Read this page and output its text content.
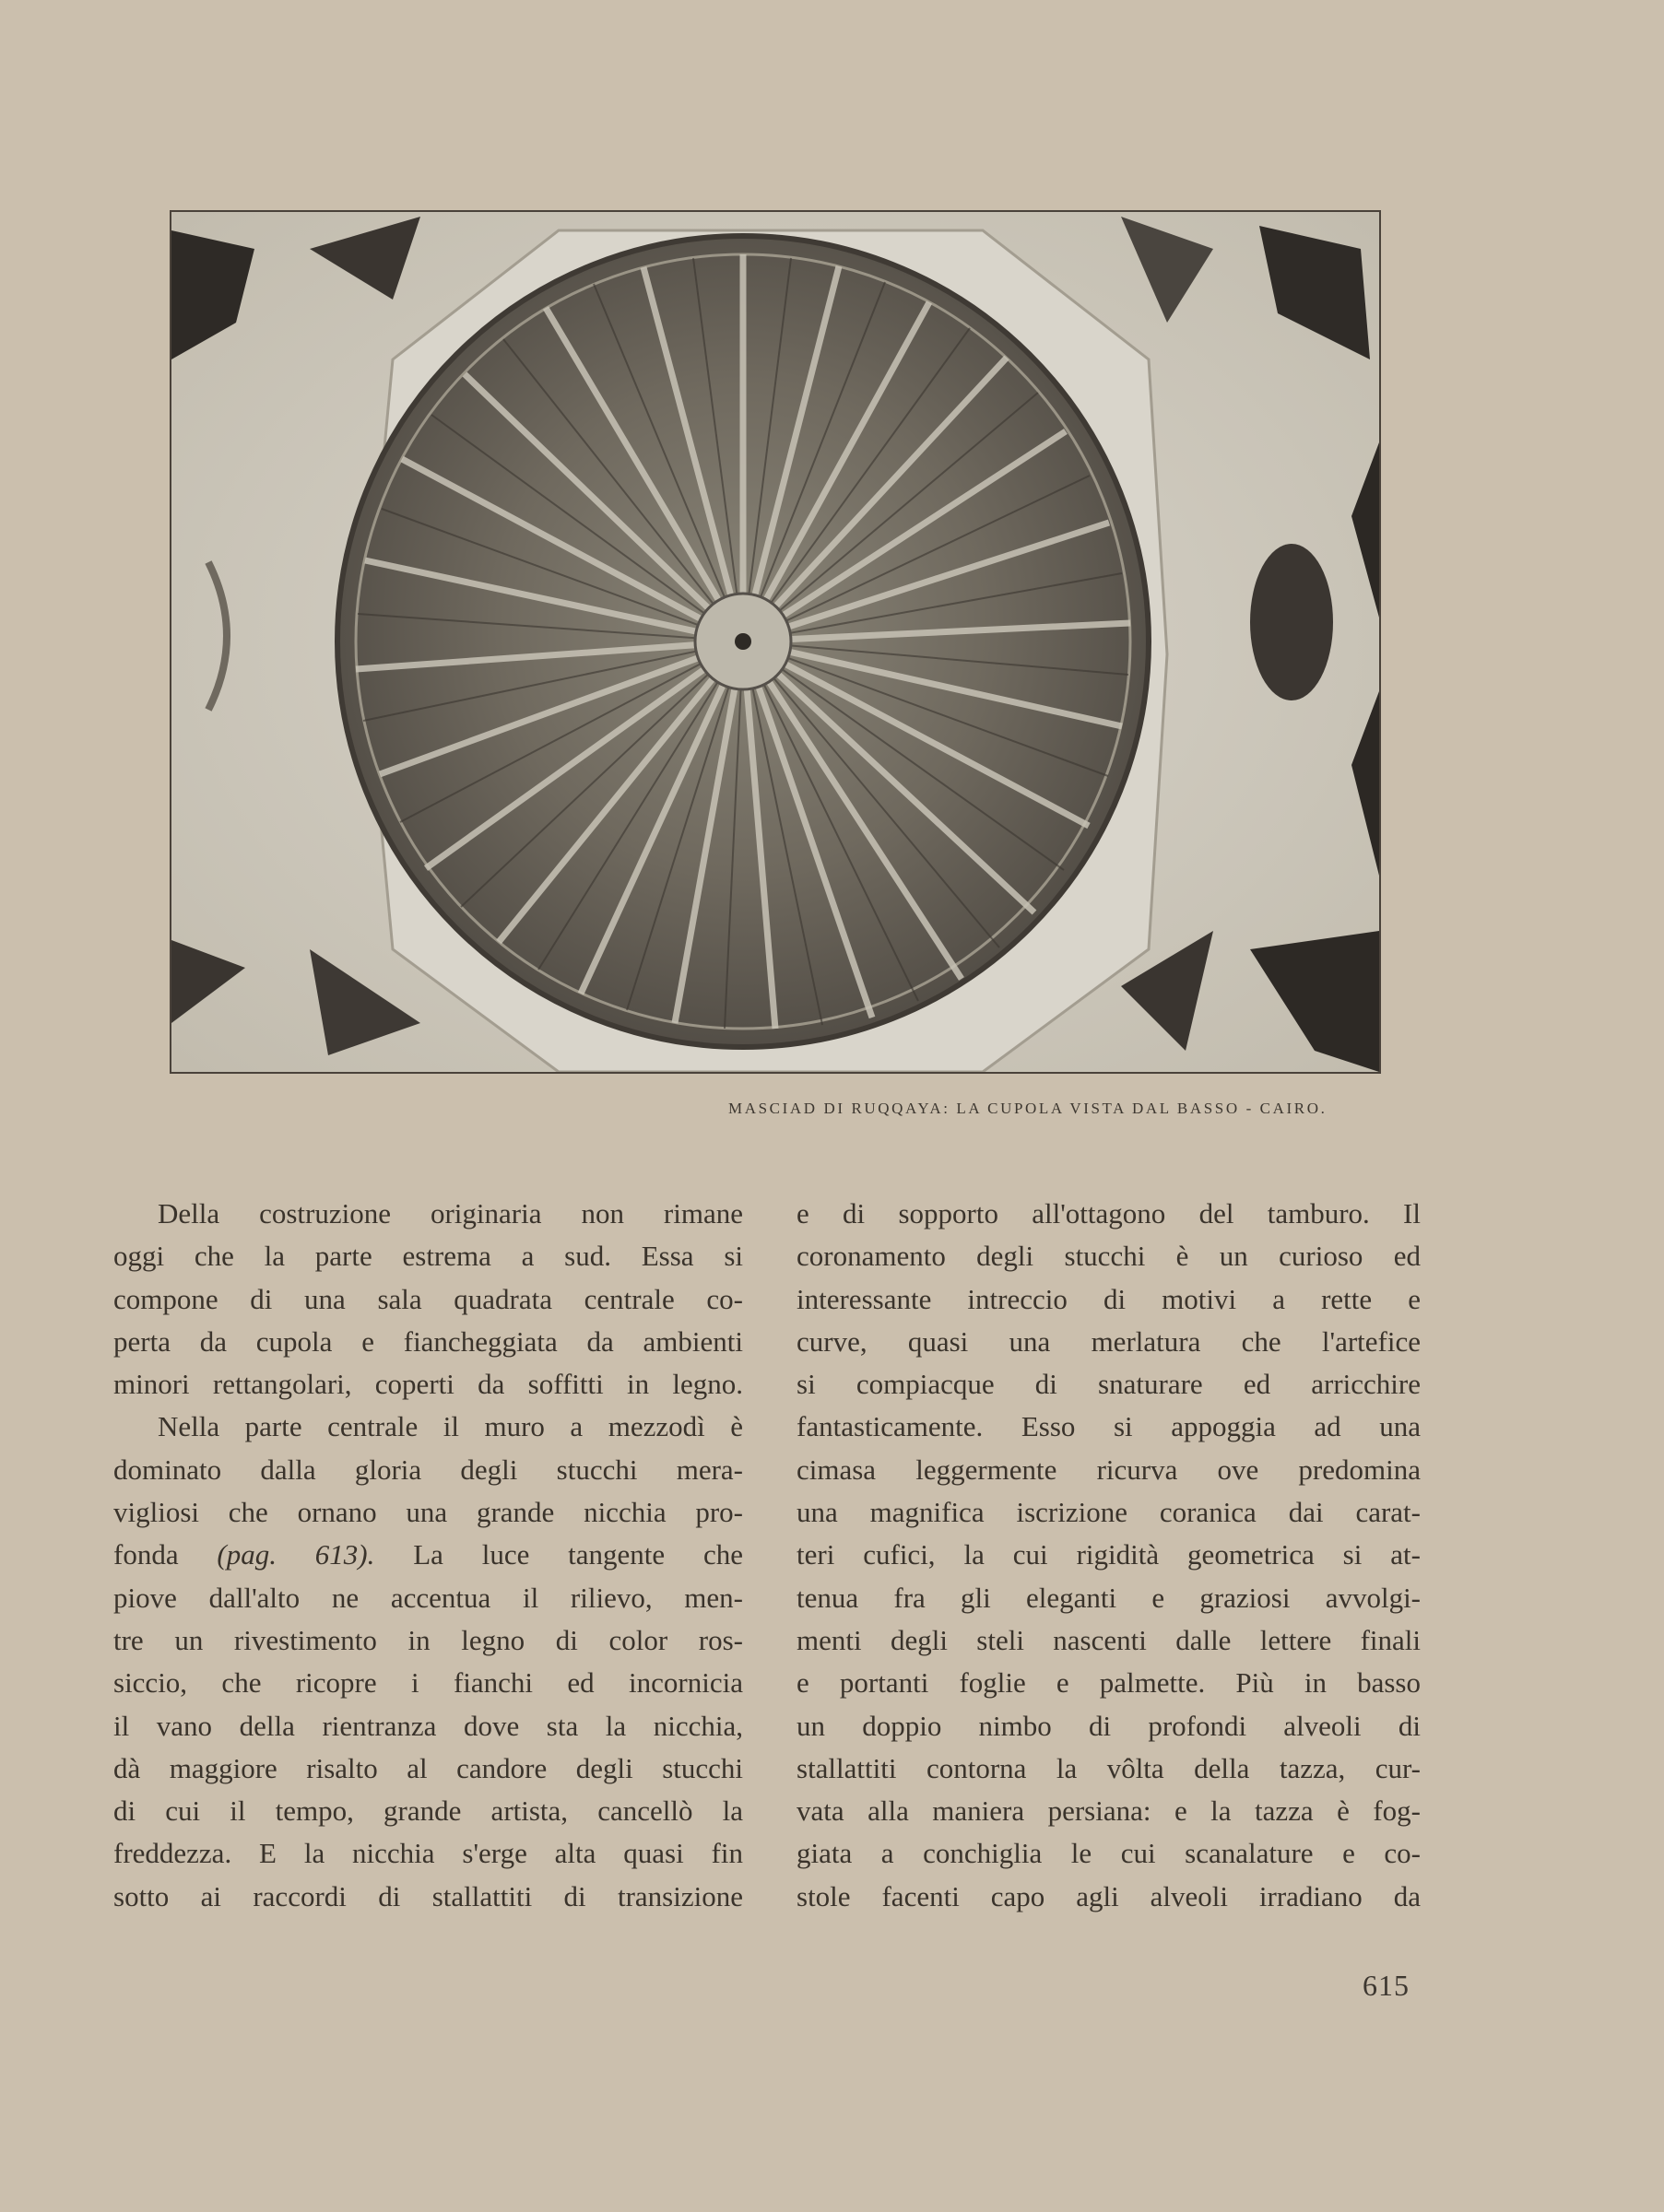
MASCIAD DI RUQQAYA: LA CUPOLA VISTA DAL BASSO - CAIRO.
Della costruzione originaria non rimane
oggi che la parte estrema a sud. Essa si
compone di una sala quadrata centrale co-
perta da cupola e fiancheggiata da ambienti
minori rettangolari, coperti da soffitti in legno.
Nella parte centrale il muro a mezzodì è
dominato dalla gloria degli stucchi mera-
vigliosi che ornano una grande nicchia pro-
fonda (pag. 613). La luce tangente che
piove dall'alto ne accentua il rilievo, men-
tre un rivestimento in legno di color ros-
siccio, che ricopre i fianchi ed incornicia
il vano della rientranza dove sta la nicchia,
dà maggiore risalto al candore degli stucchi
di cui il tempo, grande artista, cancellò la
freddezza. E la nicchia s'erge alta quasi fin
sotto ai raccordi di stallattiti di transizione
e di sopporto all'ottagono del tamburo. Il
coronamento degli stucchi è un curioso ed
interessante intreccio di motivi a rette e
curve, quasi una merlatura che l'artefice
si compiacque di snaturare ed arricchire
fantasticamente. Esso si appoggia ad una
cimasa leggermente ricurva ove predomina
una magnifica iscrizione coranica dai carat-
teri cufici, la cui rigidità geometrica si at-
tenua fra gli eleganti e graziosi avvolgi-
menti degli steli nascenti dalle lettere finali
e portanti foglie e palmette. Più in basso
un doppio nimbo di profondi alveoli di
stallattiti contorna la vôlta della tazza, cur-
vata alla maniera persiana: e la tazza è fog-
giata a conchiglia le cui scanalature e co-
stole facenti capo agli alveoli irradiano da
615
